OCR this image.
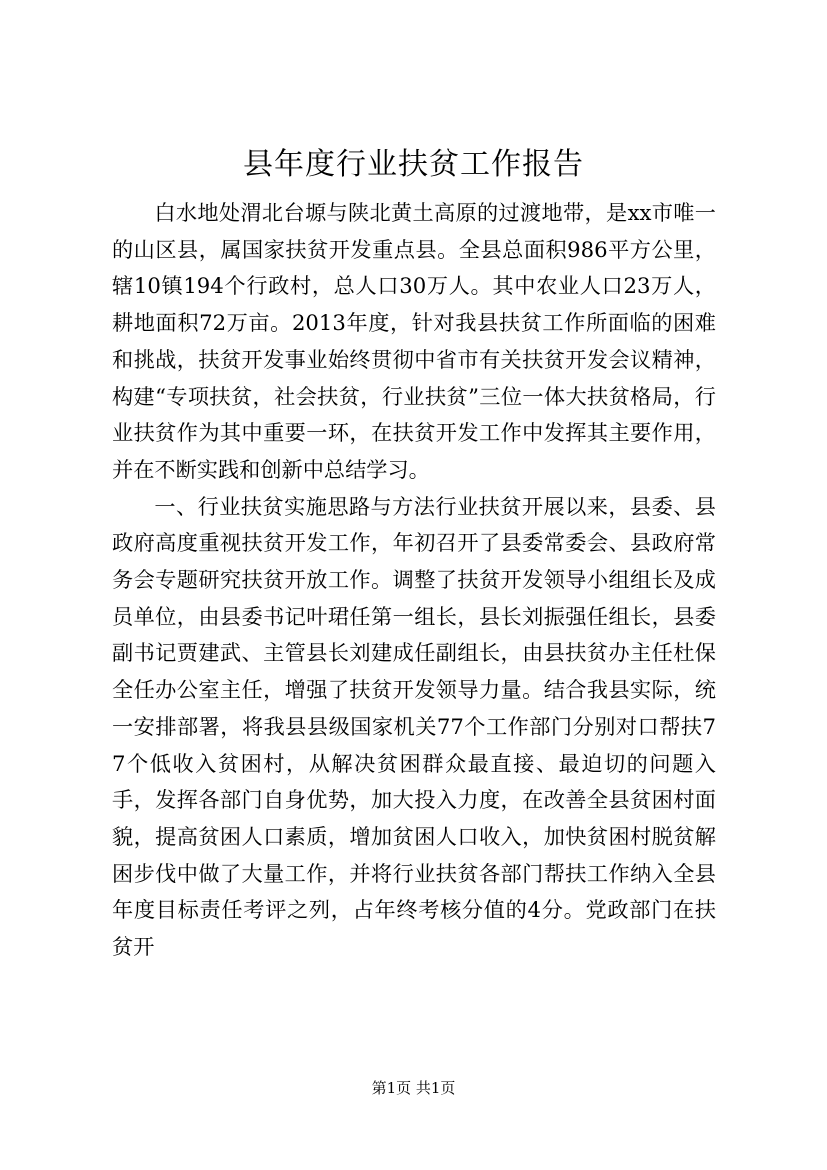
县年度行业扶贫工作报告

白水地处渭北台塬与陕北黄土高原的过渡地带，是xx市唯一的山区县，属国家扶贫开发重点县。全县总面积986平方公里，辖10镇194个行政村，总人口30万人。其中农业人口23万人，耕地面积72万亩。2013年度，针对我县扶贫工作所面临的困难和挑战，扶贫开发事业始终贯彻中省市有关扶贫开发会议精神，构建“专项扶贫，社会扶贫，行业扶贫”三位一体大扶贫格局，行业扶贫作为其中重要一环，在扶贫开发工作中发挥其主要作用，并在不断实践和创新中总结学习。

一、行业扶贫实施思路与方法行业扶贫开展以来，县委、县政府高度重视扶贫开发工作，年初召开了县委常委会、县政府常务会专题研究扶贫开放工作。调整了扶贫开发领导小组组长及成员单位，由县委书记叶珺任第一组长，县长刘振强任组长，县委副书记贾建武、主管县长刘建成任副组长，由县扶贫办主任杜保全任办公室主任，增强了扶贫开发领导力量。结合我县实际，统一安排部署，将我县县级国家机关77个工作部门分别对口帮扶77个低收入贫困村，从解决贫困群众最直接、最迫切的问题入手，发挥各部门自身优势，加大投入力度，在改善全县贫困村面貌，提高贫困人口素质，增加贫困人口收入，加快贫困村脱贫解困步伐中做了大量工作，并将行业扶贫各部门帮扶工作纳入全县年度目标责任考评之列，占年终考核分值的4分。党政部门在扶贫开

第1页 共1页
